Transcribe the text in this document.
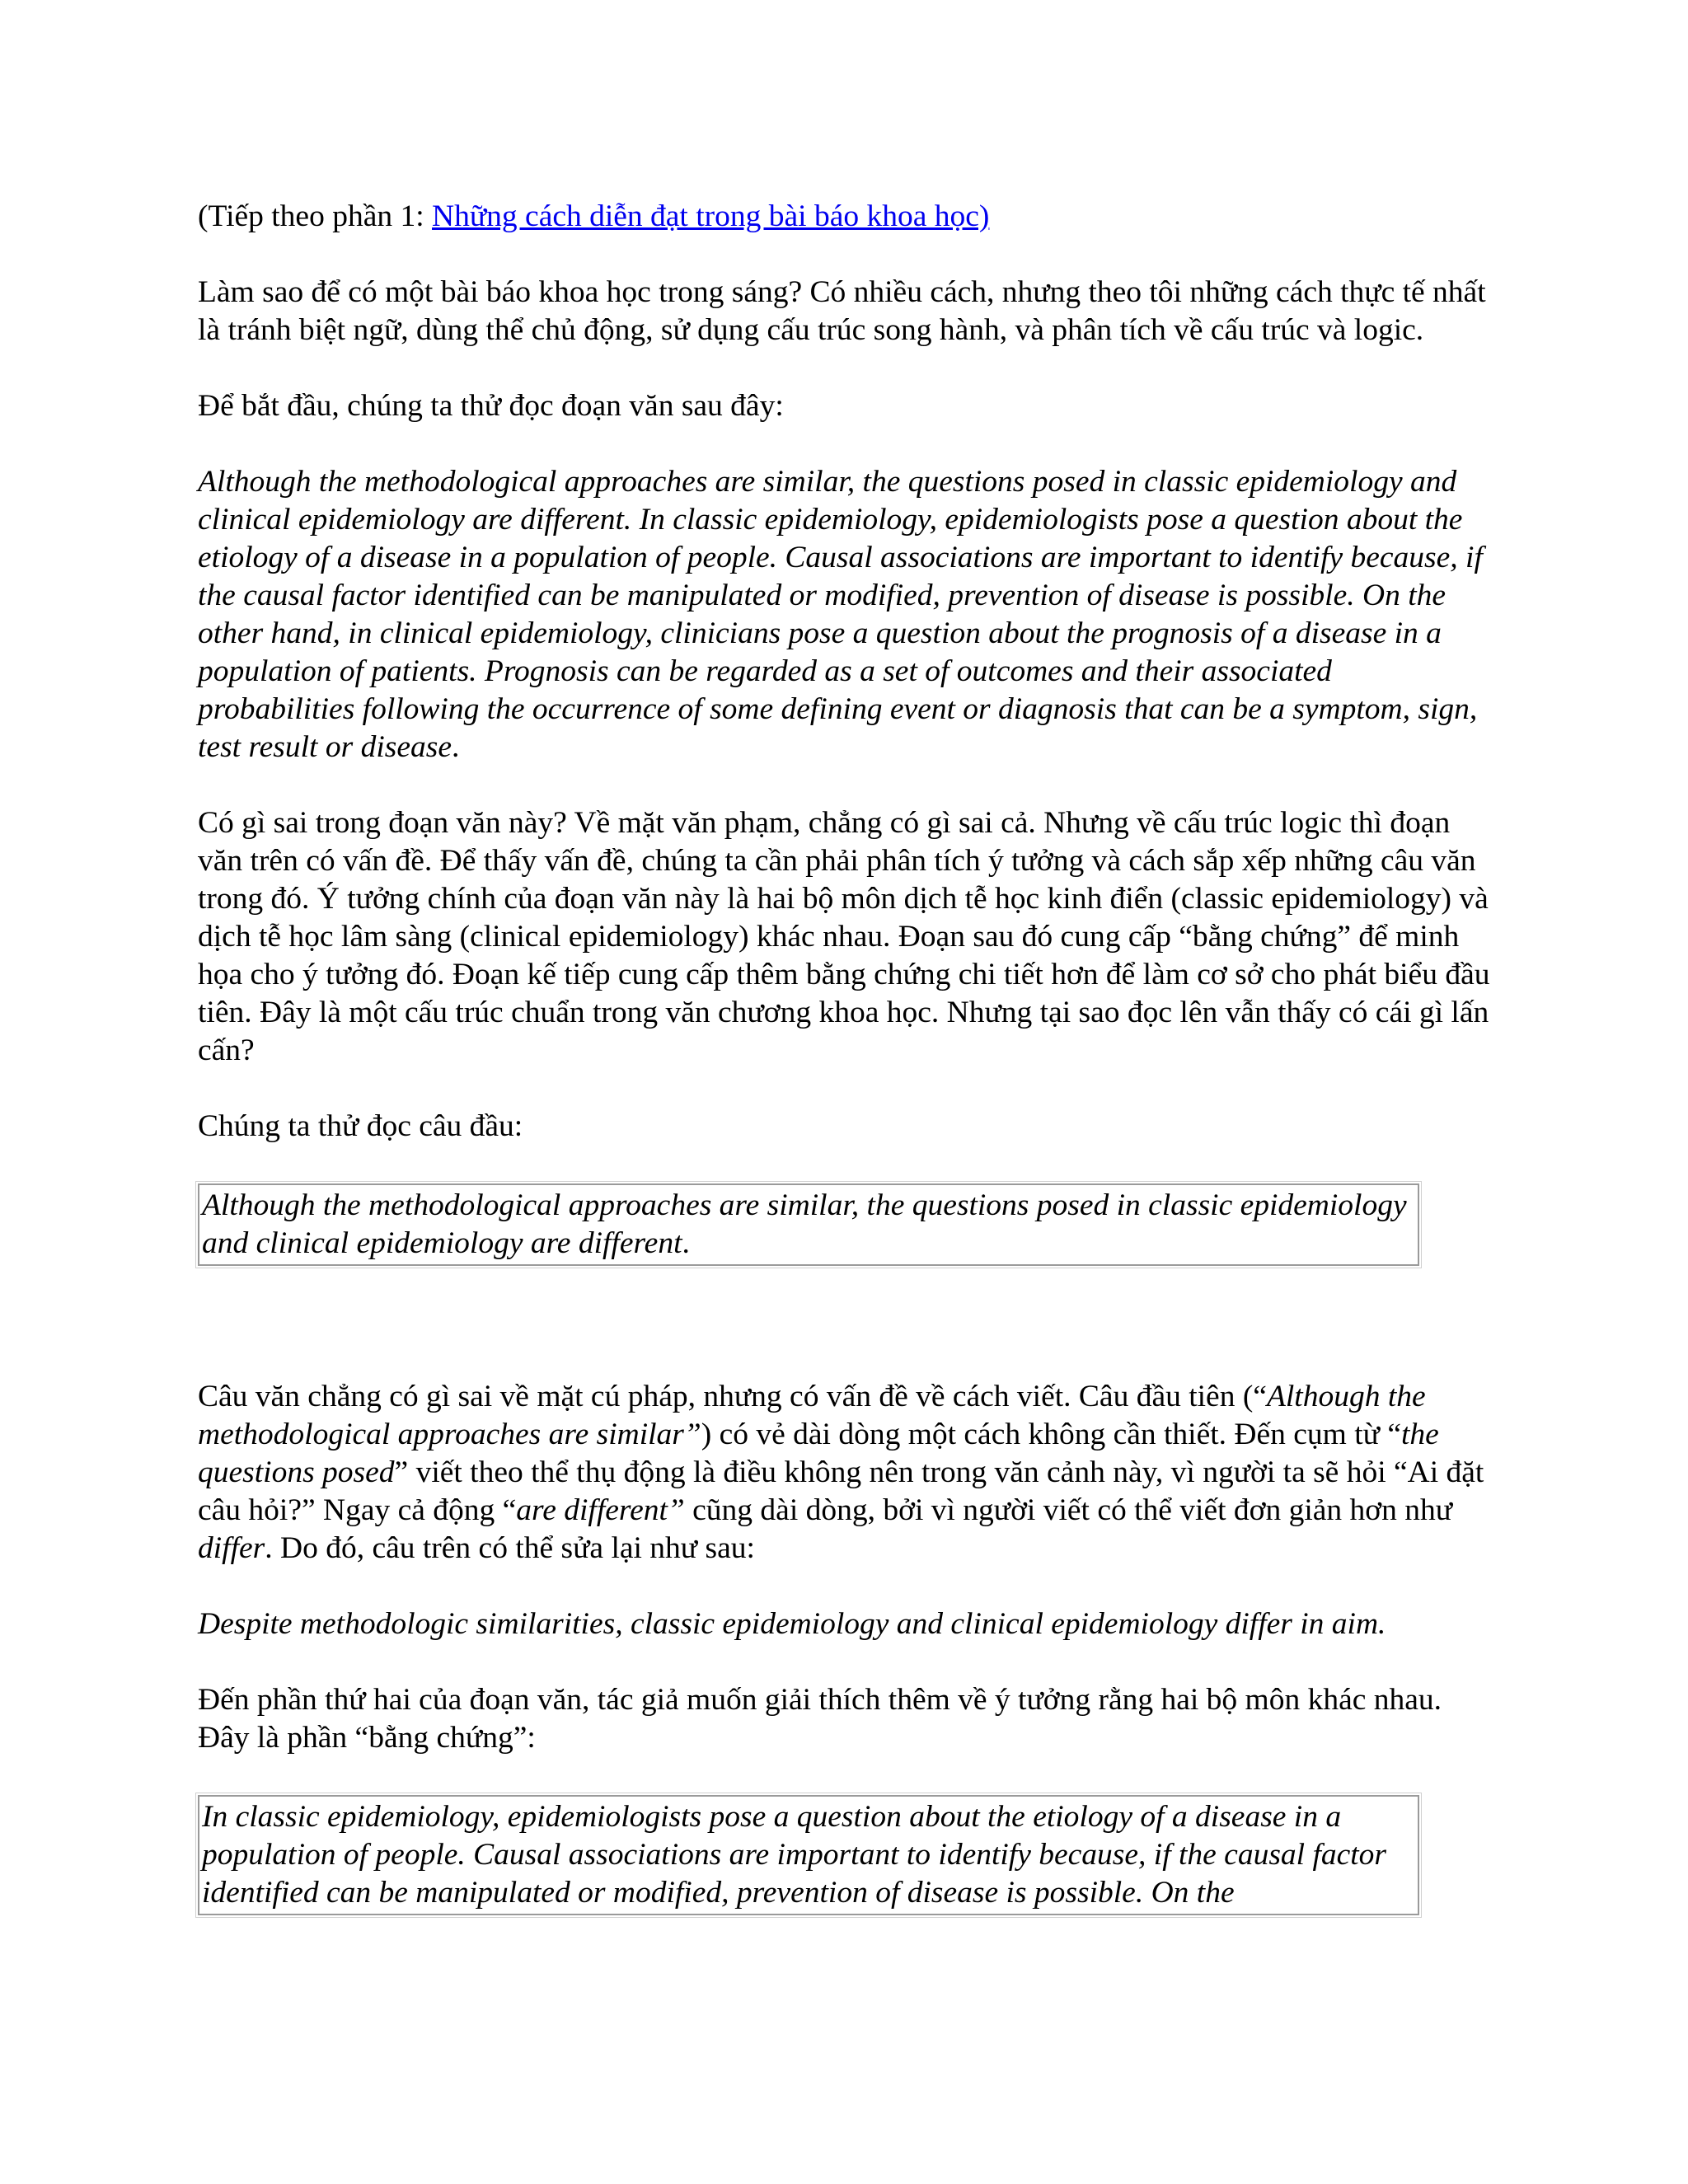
(Tiếp theo phần 1: Những cách diễn đạt trong bài báo khoa học)

Làm sao để có một bài báo khoa học trong sáng? Có nhiều cách, nhưng theo tôi những cách thực tế nhất là tránh biệt ngữ, dùng thể chủ động, sử dụng cấu trúc song hành, và phân tích về cấu trúc và logic.

Để bắt đầu, chúng ta thử đọc đoạn văn sau đây:

Although the methodological approaches are similar, the questions posed in classic epidemiology and clinical epidemiology are different. In classic epidemiology, epidemiologists pose a question about the etiology of a disease in a population of people. Causal associations are important to identify because, if the causal factor identified can be manipulated or modified, prevention of disease is possible. On the other hand, in clinical epidemiology, clinicians pose a question about the prognosis of a disease in a population of patients. Prognosis can be regarded as a set of outcomes and their associated probabilities following the occurrence of some defining event or diagnosis that can be a symptom, sign, test result or disease.

Có gì sai trong đoạn văn này? Về mặt văn phạm, chẳng có gì sai cả. Nhưng về cấu trúc logic thì đoạn văn trên có vấn đề. Để thấy vấn đề, chúng ta cần phải phân tích ý tưởng và cách sắp xếp những câu văn trong đó. Ý tưởng chính của đoạn văn này là hai bộ môn dịch tễ học kinh điển (classic epidemiology) và dịch tễ học lâm sàng (clinical epidemiology) khác nhau. Đoạn sau đó cung cấp “bằng chứng” để minh họa cho ý tưởng đó. Đoạn kế tiếp cung cấp thêm bằng chứng chi tiết hơn để làm cơ sở cho phát biểu đầu tiên. Đây là một cấu trúc chuẩn trong văn chương khoa học. Nhưng tại sao đọc lên vẫn thấy có cái gì lấn cấn?

Chúng ta thử đọc câu đầu:

Although the methodological approaches are similar, the questions posed in classic epidemiology and clinical epidemiology are different.

Câu văn chẳng có gì sai về mặt cú pháp, nhưng có vấn đề về cách viết. Câu đầu tiên (“Although the methodological approaches are similar”) có vẻ dài dòng một cách không cần thiết. Đến cụm từ “the questions posed” viết theo thể thụ động là điều không nên trong văn cảnh này, vì người ta sẽ hỏi “Ai đặt câu hỏi?” Ngay cả động “are different” cũng dài dòng, bởi vì người viết có thể viết đơn giản hơn như differ. Do đó, câu trên có thể sửa lại như sau:

Despite methodologic similarities, classic epidemiology and clinical epidemiology differ in aim.

Đến phần thứ hai của đoạn văn, tác giả muốn giải thích thêm về ý tưởng rằng hai bộ môn khác nhau. Đây là phần “bằng chứng”:

In classic epidemiology, epidemiologists pose a question about the etiology of a disease in a population of people. Causal associations are important to identify because, if the causal factor identified can be manipulated or modified, prevention of disease is possible. On the
